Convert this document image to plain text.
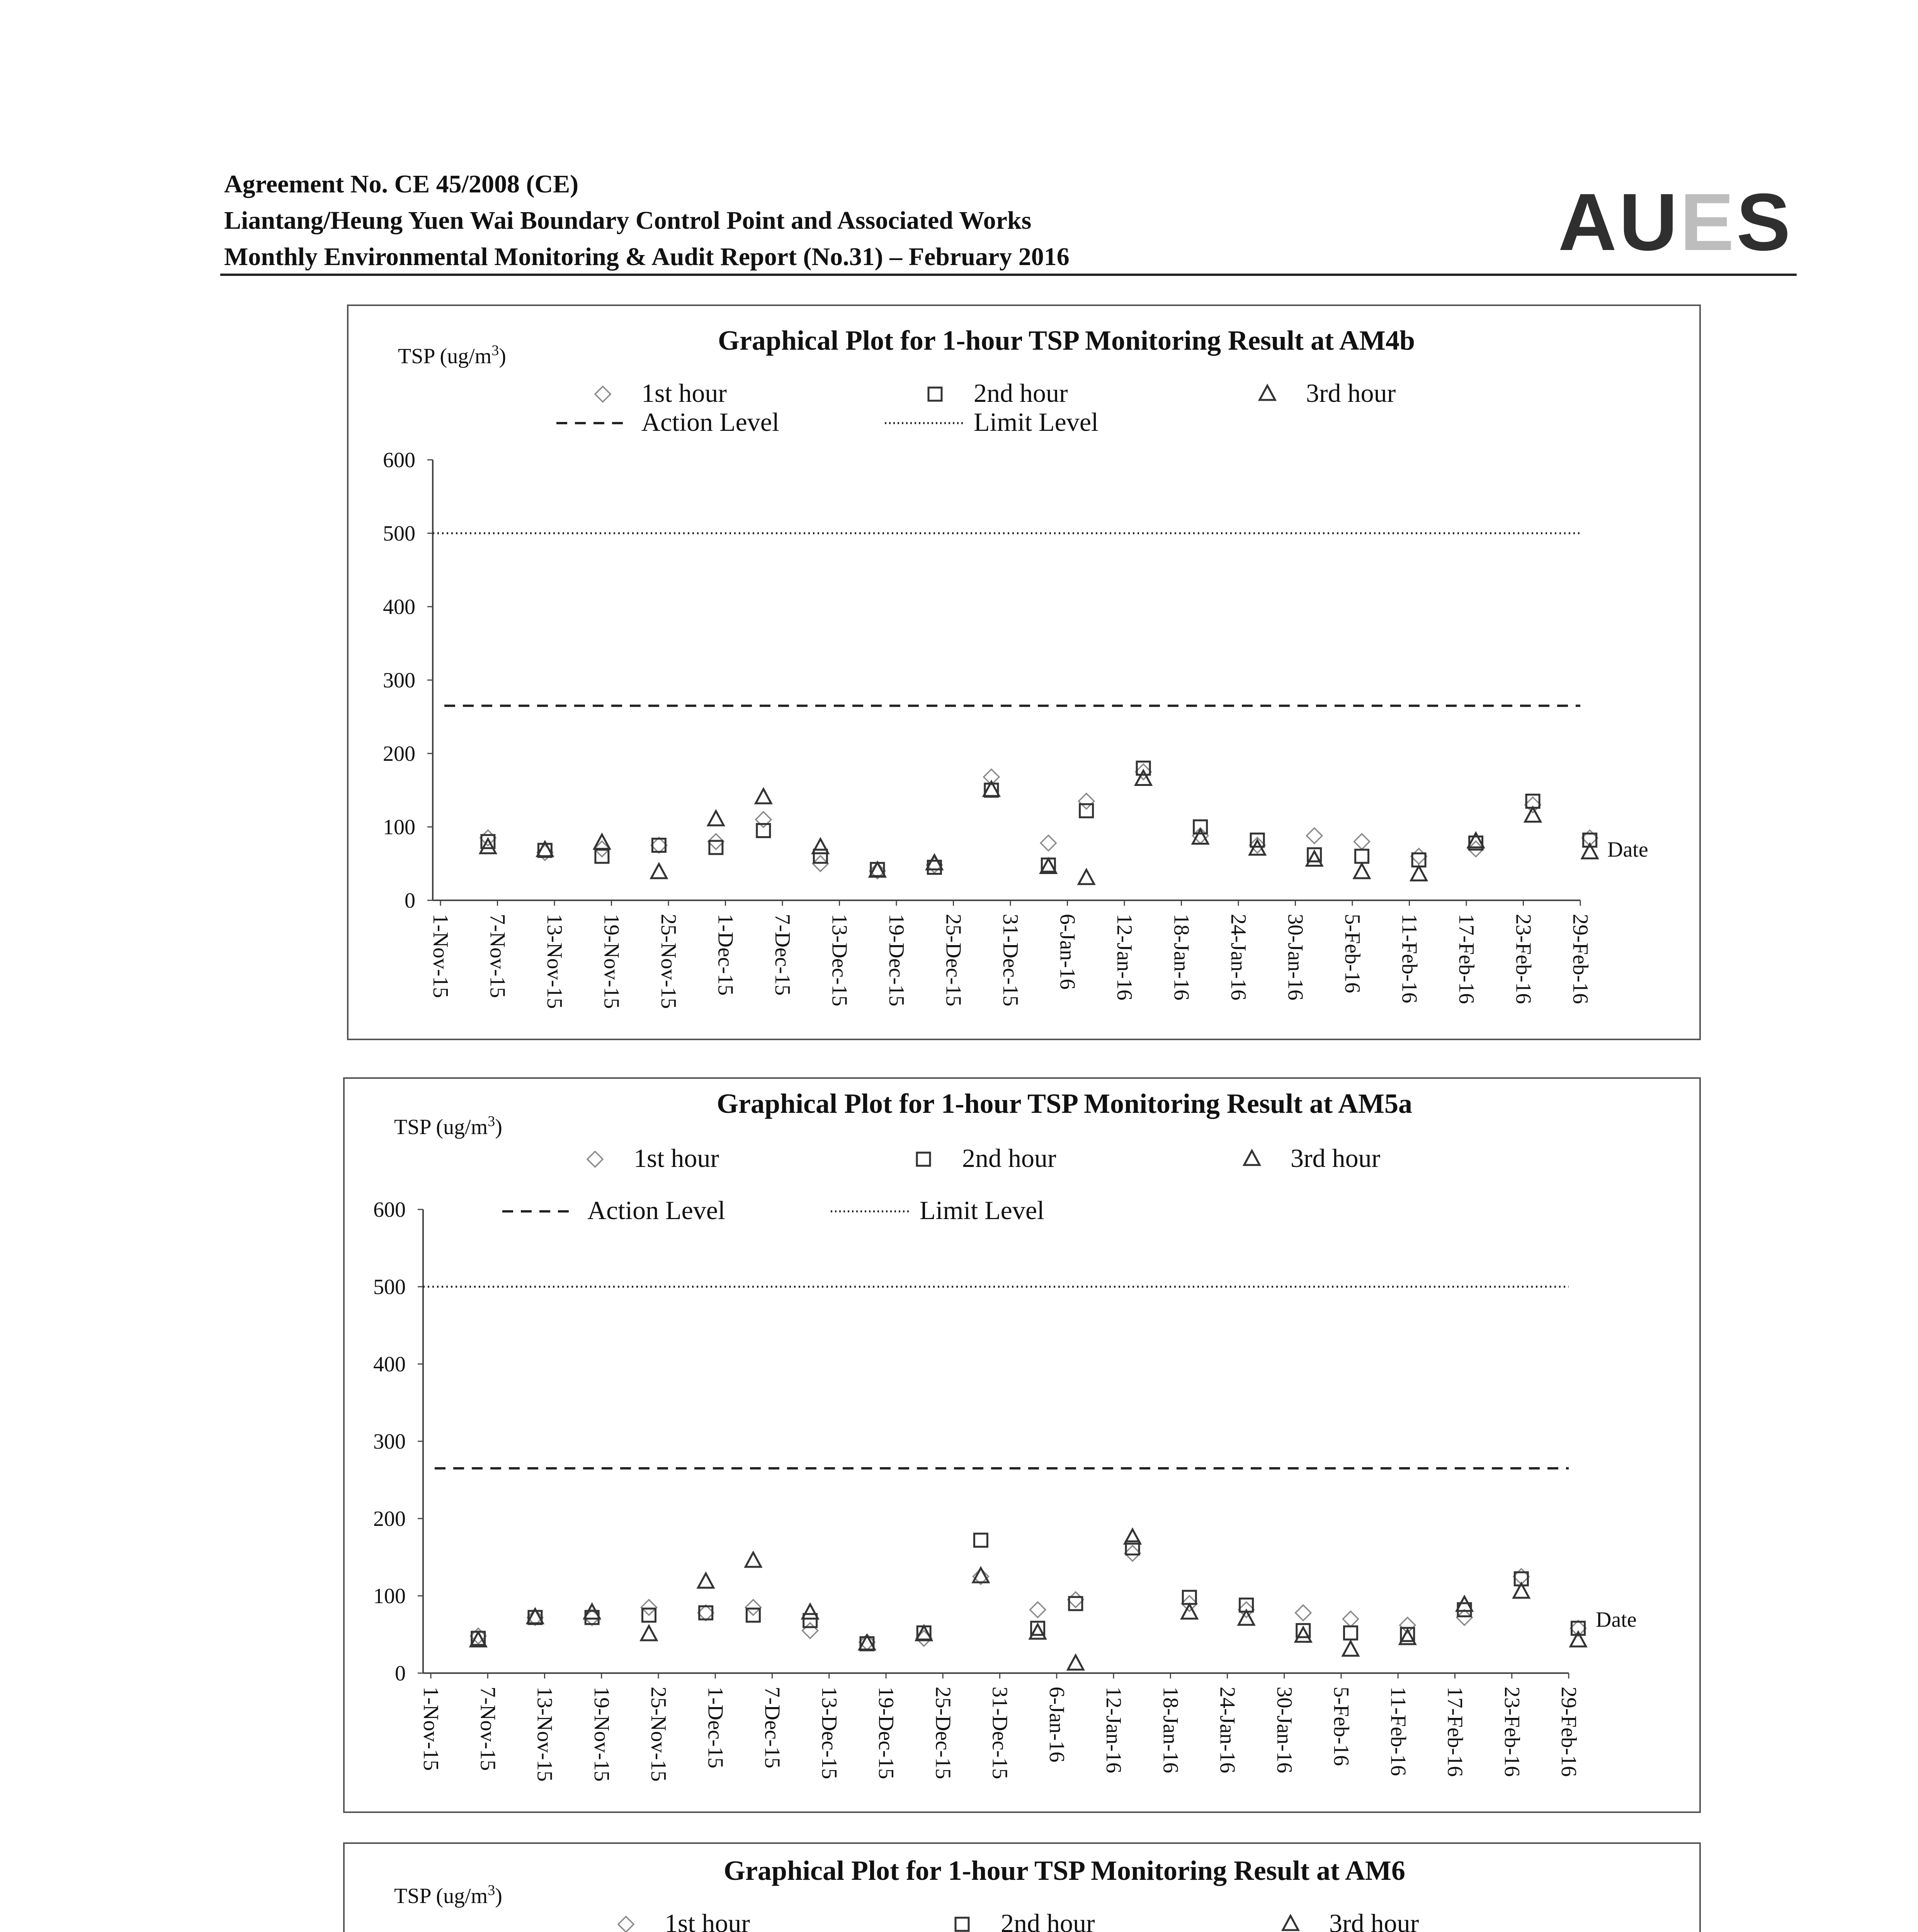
Agreement No. CE 45/2008 (CE)
Liantang/Heung Yuen Wai Boundary Control Point and Associated Works
Monthly Environmental Monitoring & Audit Report (No.31) – February 2016	AUES
Graphical Plot for 1-hour TSP Monitoring Result at AM4b
TSP $(ug/m^3)$
1st hour	2nd hour	3rd hour
Action Level	Limit Level
0
100
200
300
400
500
600
1-Nov-15 7-Nov-15 13-Nov-15 19-Nov-15 25-Nov-15 1-Dec-15 7-Dec-15 13-Dec-15 19-Dec-15 25-Dec-15 31-Dec-15 6-Jan-16 12-Jan-16 18-Jan-16 24-Jan-16 30-Jan-16 5-Feb-16 11-Feb-16 17-Feb-16 23-Feb-16 29-Feb-16
Date
Graphical Plot for 1-hour TSP Monitoring Result at AM5a
TSP $(ug/m^3)$
1st hour	2nd hour	3rd hour
Action Level	Limit Level
0
100
200
300
400
500
600
1-Nov-15 7-Nov-15 13-Nov-15 19-Nov-15 25-Nov-15 1-Dec-15 7-Dec-15 13-Dec-15 19-Dec-15 25-Dec-15 31-Dec-15 6-Jan-16 12-Jan-16 18-Jan-16 24-Jan-16 30-Jan-16 5-Feb-16 11-Feb-16 17-Feb-16 23-Feb-16 29-Feb-16
Date
Graphical Plot for 1-hour TSP Monitoring Result at AM6
TSP $(ug/m^3)$
1st hour	2nd hour	3rd hour
